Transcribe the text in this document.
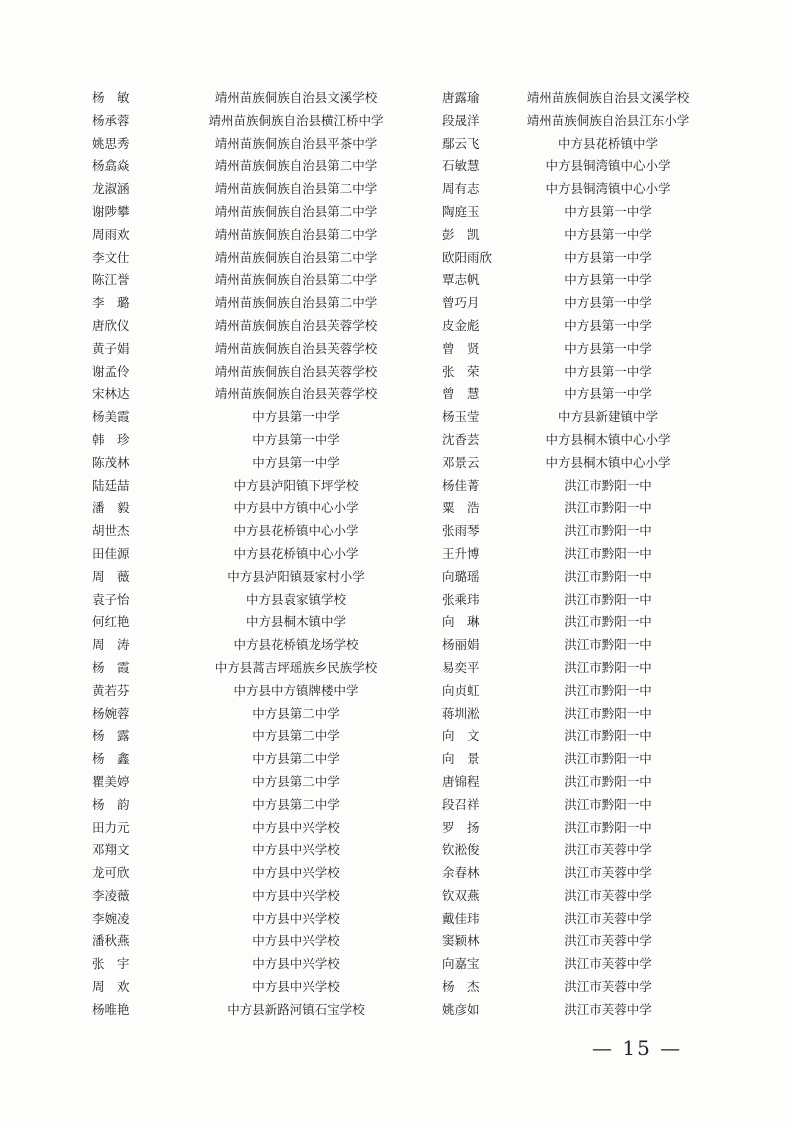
杨　敏	靖州苗族侗族自治县文溪学校	唐露瑜	靖州苗族侗族自治县文溪学校
杨承蓉	靖州苗族侗族自治县横江桥中学	段晟洋	靖州苗族侗族自治县江东小学
姚思秀	靖州苗族侗族自治县平茶中学	鄢云飞	中方县花桥镇中学
杨翕焱	靖州苗族侗族自治县第二中学	石敏慧	中方县铜湾镇中心小学
龙淑涵	靖州苗族侗族自治县第二中学	周有志	中方县铜湾镇中心小学
谢陟攀	靖州苗族侗族自治县第二中学	陶庭玉	中方县第一中学
周雨欢	靖州苗族侗族自治县第二中学	彭　凯	中方县第一中学
李文仕	靖州苗族侗族自治县第二中学	欧阳雨欣	中方县第一中学
陈江誉	靖州苗族侗族自治县第二中学	覃志帆	中方县第一中学
李　璐	靖州苗族侗族自治县第二中学	曾巧月	中方县第一中学
唐欣仪	靖州苗族侗族自治县芙蓉学校	皮金彪	中方县第一中学
黄子娟	靖州苗族侗族自治县芙蓉学校	曾　贤	中方县第一中学
谢孟伶	靖州苗族侗族自治县芙蓉学校	张　荣	中方县第一中学
宋林达	靖州苗族侗族自治县芙蓉学校	曾　慧	中方县第一中学
杨美霞	中方县第一中学	杨玉莹	中方县新建镇中学
韩　珍	中方县第一中学	沈香芸	中方县桐木镇中心小学
陈茂林	中方县第一中学	邓景云	中方县桐木镇中心小学
陆廷喆	中方县泸阳镇下坪学校	杨佳菁	洪江市黔阳一中
潘　毅	中方县中方镇中心小学	粟　浩	洪江市黔阳一中
胡世杰	中方县花桥镇中心小学	张雨琴	洪江市黔阳一中
田佳源	中方县花桥镇中心小学	王升博	洪江市黔阳一中
周　薇	中方县泸阳镇聂家村小学	向璐瑶	洪江市黔阳一中
袁子怡	中方县袁家镇学校	张乘玮	洪江市黔阳一中
何红艳	中方县桐木镇中学	向　琳	洪江市黔阳一中
周　涛	中方县花桥镇龙场学校	杨丽娟	洪江市黔阳一中
杨　霞	中方县蒿吉坪瑶族乡民族学校	易奕平	洪江市黔阳一中
黄若芬	中方县中方镇牌楼中学	向贞虹	洪江市黔阳一中
杨婉蓉	中方县第二中学	蒋圳淞	洪江市黔阳一中
杨　露	中方县第二中学	向　文	洪江市黔阳一中
杨　鑫	中方县第二中学	向　景	洪江市黔阳一中
瞿美婷	中方县第二中学	唐锦程	洪江市黔阳一中
杨　韵	中方县第二中学	段召祥	洪江市黔阳一中
田力元	中方县中兴学校	罗　扬	洪江市黔阳一中
邓翔文	中方县中兴学校	钦淞俊	洪江市芙蓉中学
龙可欣	中方县中兴学校	余春林	洪江市芙蓉中学
李凌薇	中方县中兴学校	钦双燕	洪江市芙蓉中学
李婉凌	中方县中兴学校	戴佳玮	洪江市芙蓉中学
潘秋燕	中方县中兴学校	窦颖林	洪江市芙蓉中学
张　宇	中方县中兴学校	向嘉宝	洪江市芙蓉中学
周　欢	中方县中兴学校	杨　杰	洪江市芙蓉中学
杨唯艳	中方县新路河镇石宝学校	姚彦如	洪江市芙蓉中学
— 15 —
